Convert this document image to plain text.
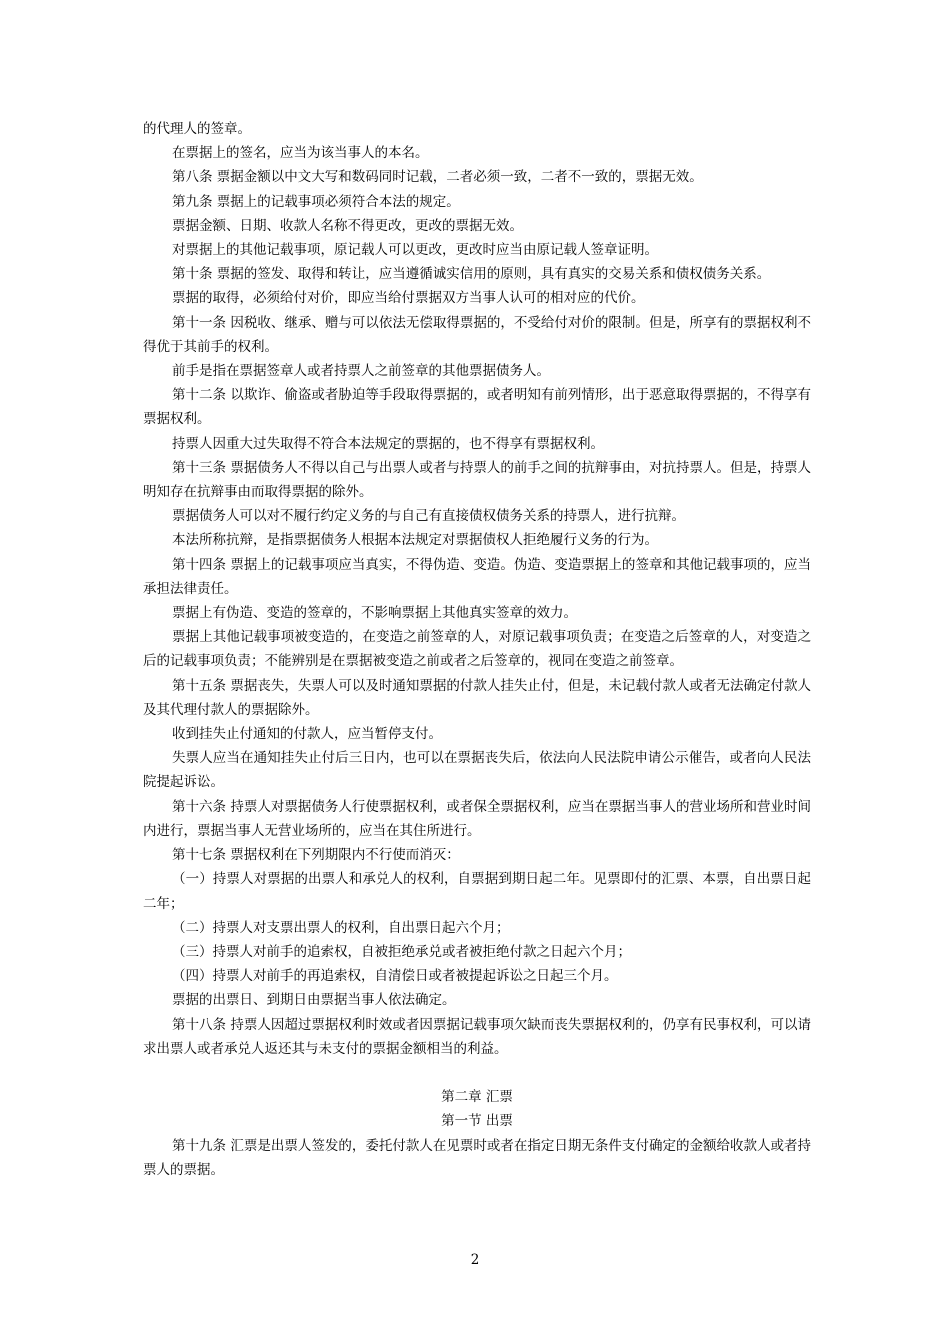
的代理人的签章。

在票据上的签名，应当为该当事人的本名。

第八条 票据金额以中文大写和数码同时记载，二者必须一致，二者不一致的，票据无效。

第九条 票据上的记载事项必须符合本法的规定。

票据金额、日期、收款人名称不得更改，更改的票据无效。

对票据上的其他记载事项，原记载人可以更改，更改时应当由原记载人签章证明。

第十条 票据的签发、取得和转让，应当遵循诚实信用的原则，具有真实的交易关系和债权债务关系。

票据的取得，必须给付对价，即应当给付票据双方当事人认可的相对应的代价。

第十一条 因税收、继承、赠与可以依法无偿取得票据的，不受给付对价的限制。但是，所享有的票据权利不得优于其前手的权利。

前手是指在票据签章人或者持票人之前签章的其他票据债务人。

第十二条 以欺诈、偷盗或者胁迫等手段取得票据的，或者明知有前列情形，出于恶意取得票据的，不得享有票据权利。

持票人因重大过失取得不符合本法规定的票据的，也不得享有票据权利。

第十三条 票据债务人不得以自己与出票人或者与持票人的前手之间的抗辩事由，对抗持票人。但是，持票人明知存在抗辩事由而取得票据的除外。

票据债务人可以对不履行约定义务的与自己有直接债权债务关系的持票人，进行抗辩。

本法所称抗辩，是指票据债务人根据本法规定对票据债权人拒绝履行义务的行为。

第十四条 票据上的记载事项应当真实，不得伪造、变造。伪造、变造票据上的签章和其他记载事项的，应当承担法律责任。

票据上有伪造、变造的签章的，不影响票据上其他真实签章的效力。

票据上其他记载事项被变造的，在变造之前签章的人，对原记载事项负责；在变造之后签章的人，对变造之后的记载事项负责；不能辨别是在票据被变造之前或者之后签章的，视同在变造之前签章。

第十五条 票据丧失，失票人可以及时通知票据的付款人挂失止付，但是，未记载付款人或者无法确定付款人及其代理付款人的票据除外。

收到挂失止付通知的付款人，应当暂停支付。

失票人应当在通知挂失止付后三日内，也可以在票据丧失后，依法向人民法院申请公示催告，或者向人民法院提起诉讼。

第十六条 持票人对票据债务人行使票据权利，或者保全票据权利，应当在票据当事人的营业场所和营业时间内进行，票据当事人无营业场所的，应当在其住所进行。

第十七条 票据权利在下列期限内不行使而消灭：

（一）持票人对票据的出票人和承兑人的权利，自票据到期日起二年。见票即付的汇票、本票，自出票日起二年；

（二）持票人对支票出票人的权利，自出票日起六个月；

（三）持票人对前手的追索权，自被拒绝承兑或者被拒绝付款之日起六个月；

（四）持票人对前手的再追索权，自清偿日或者被提起诉讼之日起三个月。

票据的出票日、到期日由票据当事人依法确定。

第十八条 持票人因超过票据权利时效或者因票据记载事项欠缺而丧失票据权利的，仍享有民事权利，可以请求出票人或者承兑人返还其与未支付的票据金额相当的利益。

第二章 汇票

第一节 出票

第十九条 汇票是出票人签发的，委托付款人在见票时或者在指定日期无条件支付确定的金额给收款人或者持票人的票据。

2
